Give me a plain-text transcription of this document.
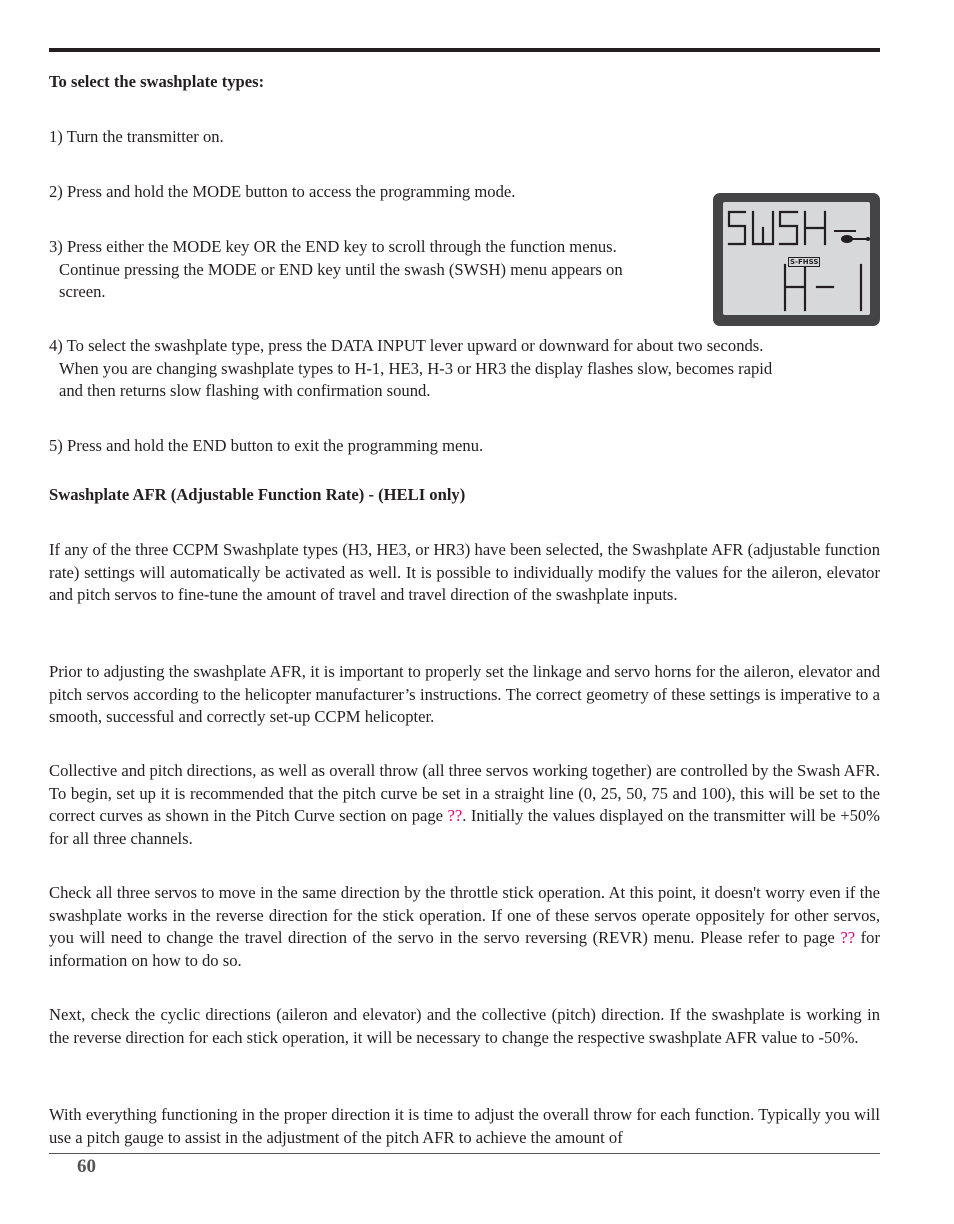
To select the swashplate types:
1) Turn the transmitter on.
2) Press and hold the MODE button to access the programming mode.
3) Press either the MODE key OR the END key to scroll through the function menus.
Continue pressing the MODE or END key until the swash (SWSH) menu appears on
screen.
4) To select the swashplate type, press the DATA INPUT lever upward or downward for about two seconds.
When you are changing swashplate types to H-1, HE3, H-3 or HR3 the display flashes slow, becomes rapid
and then returns slow flashing with confirmation sound.
5) Press and hold the END button to exit the programming menu.
S-FHSS
Swashplate AFR (Adjustable Function Rate) - (HELI only)
If any of the three CCPM Swashplate types (H3, HE3, or HR3) have been selected, the Swashplate AFR (adjustable function rate) settings will automatically be activated as well. It is possible to individually modify the values for the aileron, elevator and pitch servos to fine-tune the amount of travel and travel direction of the swashplate inputs.
Prior to adjusting the swashplate AFR, it is important to properly set the linkage and servo horns for the aileron, elevator and pitch servos according to the helicopter manufacturer’s instructions. The correct geometry of these settings is imperative to a smooth, successful and correctly set-up CCPM helicopter.
Collective and pitch directions, as well as overall throw (all three servos working together) are controlled by the Swash AFR. To begin, set up it is recommended that the pitch curve be set in a straight line (0, 25, 50, 75 and 100), this will be set to the correct curves as shown in the Pitch Curve section on page ??. Initially the values displayed on the transmitter will be +50% for all three channels.
Check all three servos to move in the same direction by the throttle stick operation. At this point, it doesn't worry even if the swashplate works in the reverse direction for the stick operation. If one of these servos operate oppositely for other servos, you will need to change the travel direction of the servo in the servo reversing (REVR) menu. Please refer to page ?? for information on how to do so.
Next, check the cyclic directions (aileron and elevator) and the collective (pitch) direction. If the swashplate is working in the reverse direction for each stick operation, it will be necessary to change the respective swashplate AFR value to -50%.
With everything functioning in the proper direction it is time to adjust the overall throw for each function. Typically you will use a pitch gauge to assist in the adjustment of the pitch AFR to achieve the amount of
60
